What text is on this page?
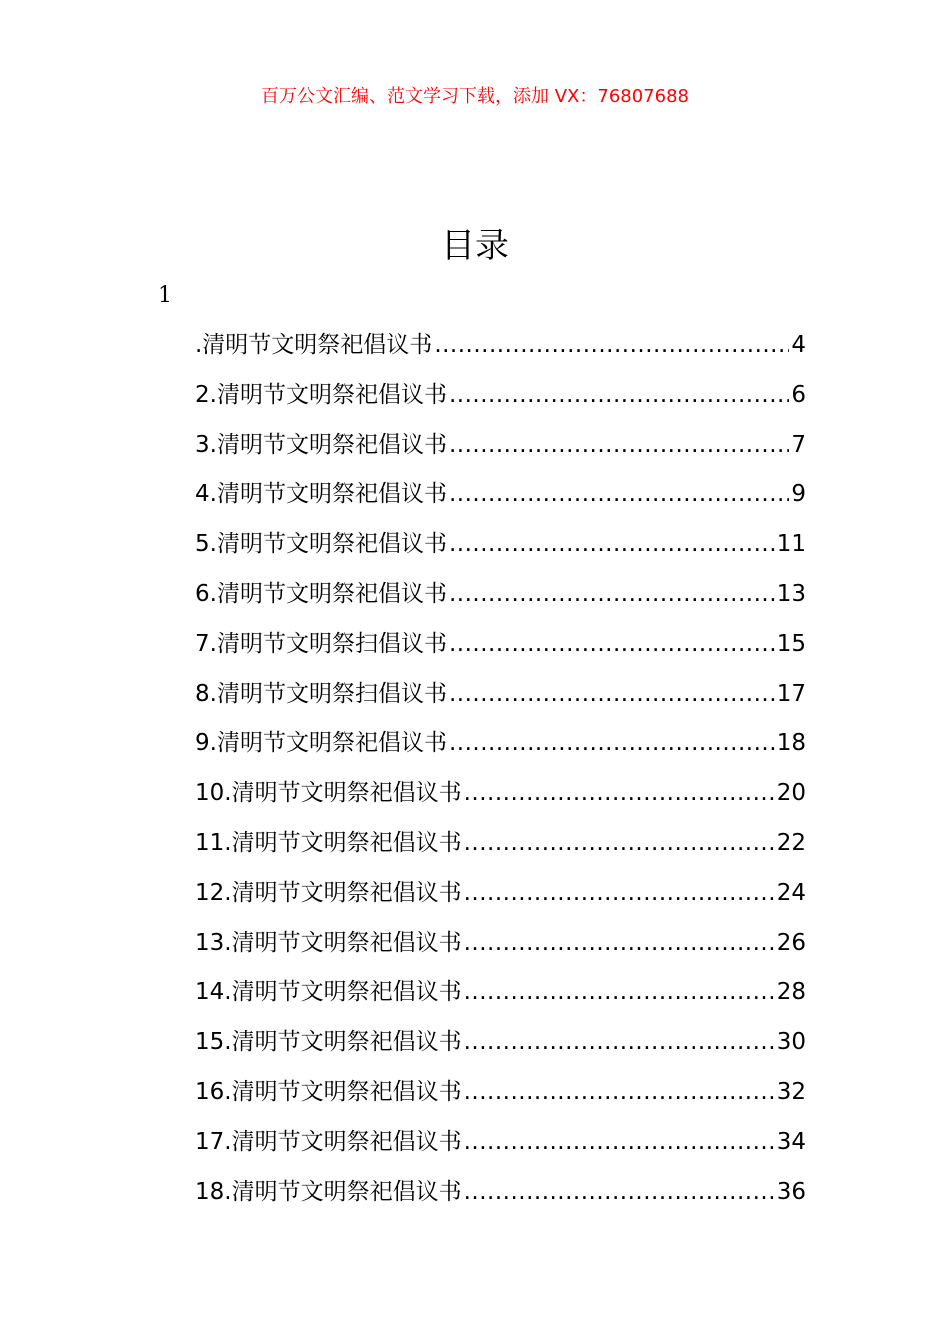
百万公文汇编、范文学习下载，添加 VX：76807688
目录
1
.清明节文明祭祀倡议书 .....	4
2.清明节文明祭祀倡议书 .....	6
3.清明节文明祭祀倡议书 .....	7
4.清明节文明祭祀倡议书 .....	9
5.清明节文明祭祀倡议书 .....	11
6.清明节文明祭祀倡议书 .....	13
7.清明节文明祭扫倡议书 .....	15
8.清明节文明祭扫倡议书 .....	17
9.清明节文明祭祀倡议书 .....	18
10.清明节文明祭祀倡议书 .....	20
11.清明节文明祭祀倡议书 .....	22
12.清明节文明祭祀倡议书 .....	24
13.清明节文明祭祀倡议书 .....	26
14.清明节文明祭祀倡议书 .....	28
15.清明节文明祭祀倡议书 .....	30
16.清明节文明祭祀倡议书 .....	32
17.清明节文明祭祀倡议书 .....	34
18.清明节文明祭祀倡议书 .....	36
